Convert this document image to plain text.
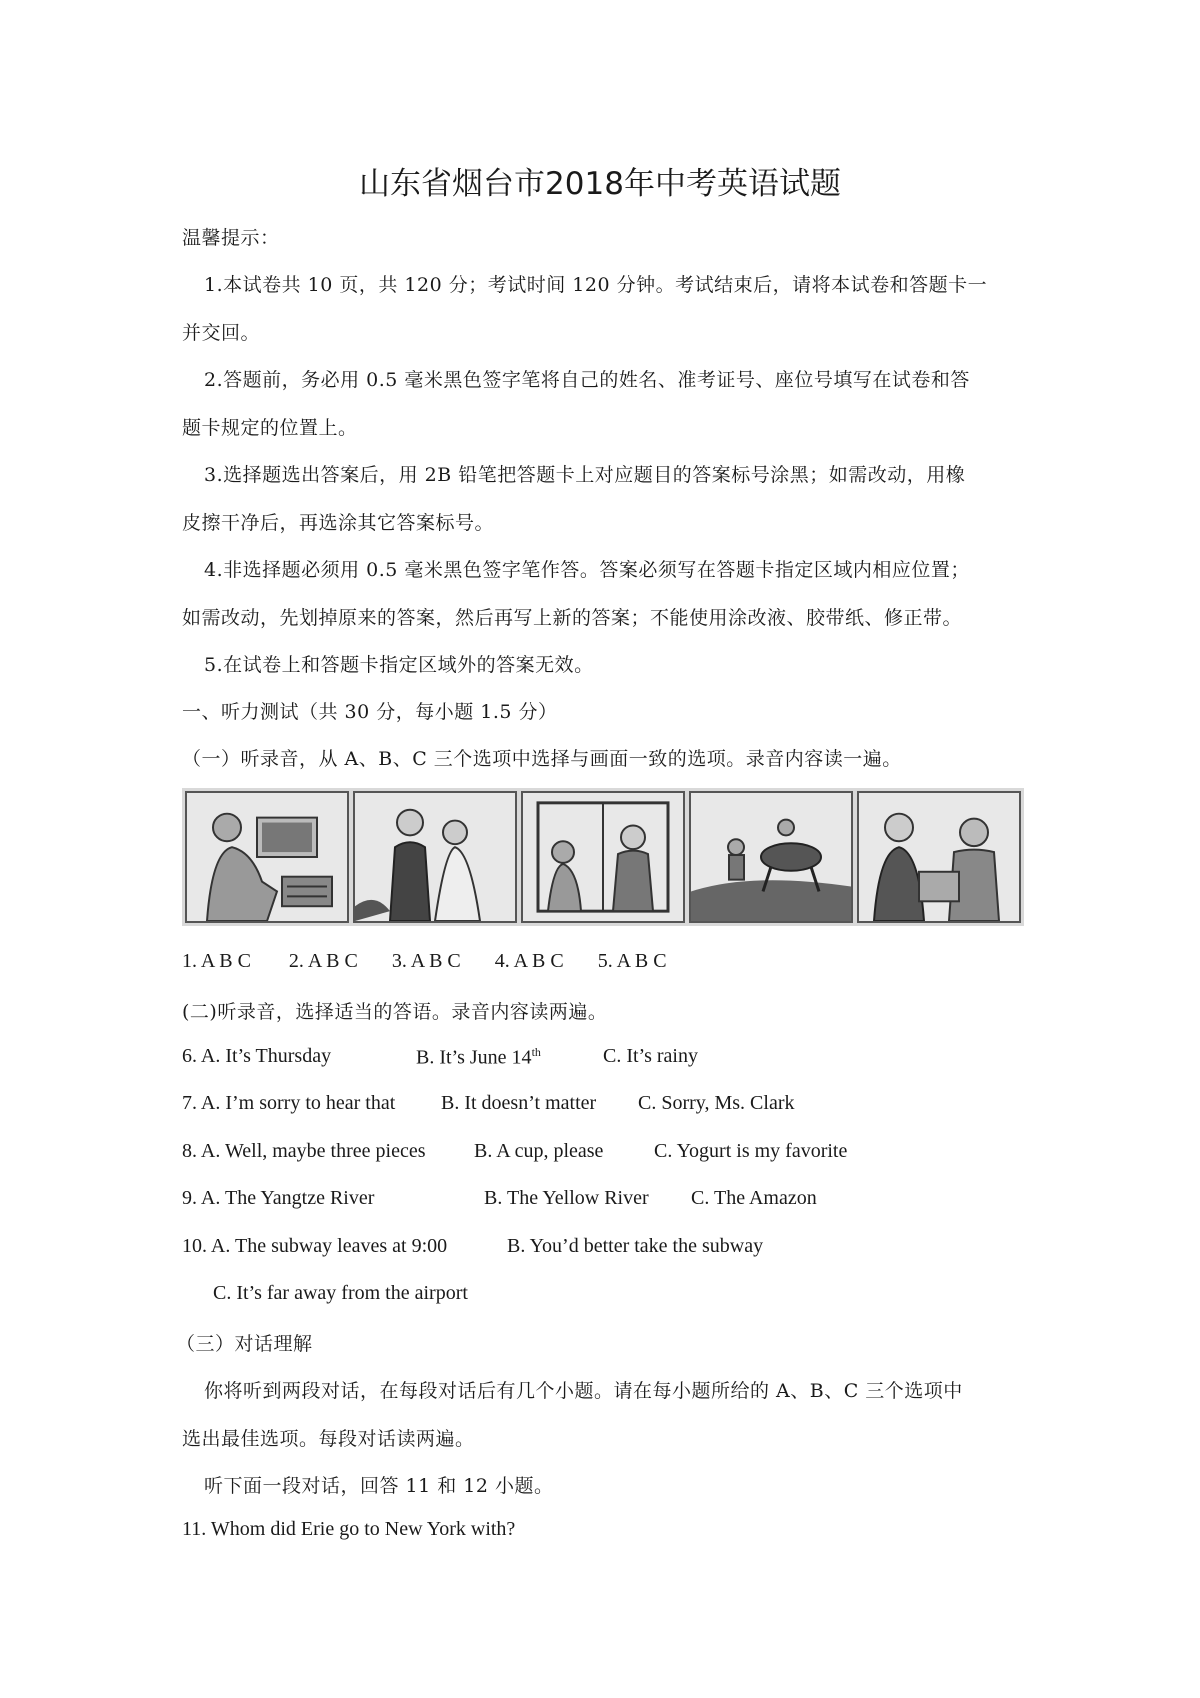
山东省烟台市2018年中考英语试题
温馨提示：
1.本试卷共 10 页，共 120 分；考试时间 120 分钟。考试结束后，请将本试卷和答题卡一
并交回。
2.答题前，务必用 0.5 毫米黑色签字笔将自己的姓名、准考证号、座位号填写在试卷和答
题卡规定的位置上。
3.选择题选出答案后，用 2B 铅笔把答题卡上对应题目的答案标号涂黑；如需改动，用橡
皮擦干净后，再选涂其它答案标号。
4.非选择题必须用 0.5 毫米黑色签字笔作答。答案必须写在答题卡指定区域内相应位置；
如需改动，先划掉原来的答案，然后再写上新的答案；不能使用涂改液、胶带纸、修正带。
5.在试卷上和答题卡指定区域外的答案无效。
一、听力测试（共 30 分，每小题 1.5 分）
（一）听录音，从 A、B、C 三个选项中选择与画面一致的选项。录音内容读一遍。
1. A B C 2. A B C 3. A B C 4. A B C 5. A B C
(二)听录音，选择适当的答语。录音内容读两遍。
6. A. It’s Thursday	B. It’s June 14th	C. It’s rainy
7. A. I’m sorry to hear that B. It doesn’t matter C. Sorry, Ms. Clark
8. A. Well, maybe three pieces B. A cup, please	C. Yogurt is my favorite
9. A. The Yangtze River	B. The Yellow River C. The Amazon
10. A. The subway leaves at 9:00	B. You’d better take the subway
C. It’s far away from the airport
（三）对话理解
你将听到两段对话，在每段对话后有几个小题。请在每小题所给的 A、B、C 三个选项中
选出最佳选项。每段对话读两遍。
听下面一段对话，回答 11 和 12 小题。
11. Whom did Erie go to New York with?
